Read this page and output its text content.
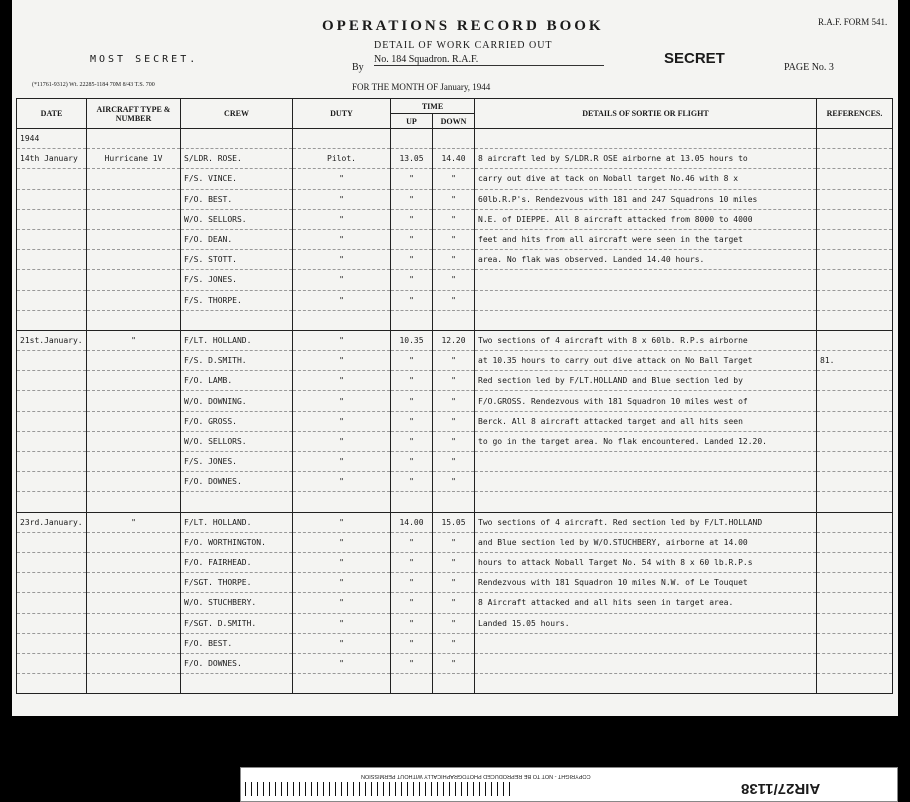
OPERATIONS RECORD BOOK	R.A.F. FORM 541.
MOST SECRET.
DETAIL OF WORK CARRIED OUT
No. 184 Squadron. R.A.F.
By
SECRET
PAGE No. 3
(*11761-9312) Wt. 22285-1184 70M 8/43 T.S. 700	FOR THE MONTH OF January, 1944
DATE	AIRCRAFT TYPE & NUMBER	CREW	DUTY	TIME		DETAILS OF SORTIE OR FLIGHT	REFERENCES.
				UP	DOWN		
1944							
14th January	Hurricane 1V	S/LDR. ROSE.	Pilot.	13.05	14.40	8 aircraft led by S/LDR.R OSE airborne at 13.05 hours to	
		F/S. VINCE.	"	"	"	carry out dive at tack on Noball target No.46 with 8 x	
		F/O. BEST.	"	"	"	60lb.R.P's. Rendezvous with 181 and 247 Squadrons 10 miles	
		W/O. SELLORS.	"	"	"	N.E. of DIEPPE. All 8 aircraft attacked from 8000 to 4000	
		F/O. DEAN.	"	"	"	feet and hits from all aircraft were seen in the target	
		F/S. STOTT.	"	"	"	area. No flak was observed. Landed 14.40 hours.	
		F/S. JONES.	"	"	"		
		F/S. THORPE.	"	"	"		

21st.January.	"	F/LT. HOLLAND.	"	10.35	12.20	Two sections of 4 aircraft with 8 x 60lb. R.P.s airborne	
		F/S. D.SMITH.	"	"	"	at 10.35 hours to carry out dive attack on No Ball Target	81.
		F/O. LAMB.	"	"	"	Red section led by F/LT.HOLLAND and Blue section led by	
		W/O. DOWNING.	"	"	"	F/O.GROSS. Rendezvous with 181 Squadron 10 miles west of	
		F/O. GROSS.	"	"	"	Berck. All 8 aircraft attacked target and all hits seen	
		W/O. SELLORS.	"	"	"	to go in the target area. No flak encountered. Landed 12.20.	
		F/S. JONES.	"	"	"		
		F/O. DOWNES.	"	"	"		

23rd.January.	"	F/LT. HOLLAND.	"	14.00	15.05	Two sections of 4 aircraft. Red section led by F/LT.HOLLAND	
		F/O. WORTHINGTON.	"	"	"	and Blue section led by W/O.STUCHBERY, airborne at 14.00	
		F/O. FAIRHEAD.	"	"	"	hours to attack Noball Target No. 54 with 8 x 60 lb.R.P.s	
		F/SGT. THORPE.	"	"	"	Rendezvous with 181 Squadron 10 miles N.W. of Le Touquet	
		W/O. STUCHBERY.	"	"	"	8 Aircraft attacked and all hits seen in target area.	
		F/SGT. D.SMITH.	"	"	"	Landed 15.05 hours.	
		F/O. BEST.	"	"	"		
		F/O. DOWNES.	"	"	"		

COPYRIGHT - NOT TO BE REPRODUCED PHOTOGRAPHICALLY WITHOUT PERMISSION
AIR27/1138
